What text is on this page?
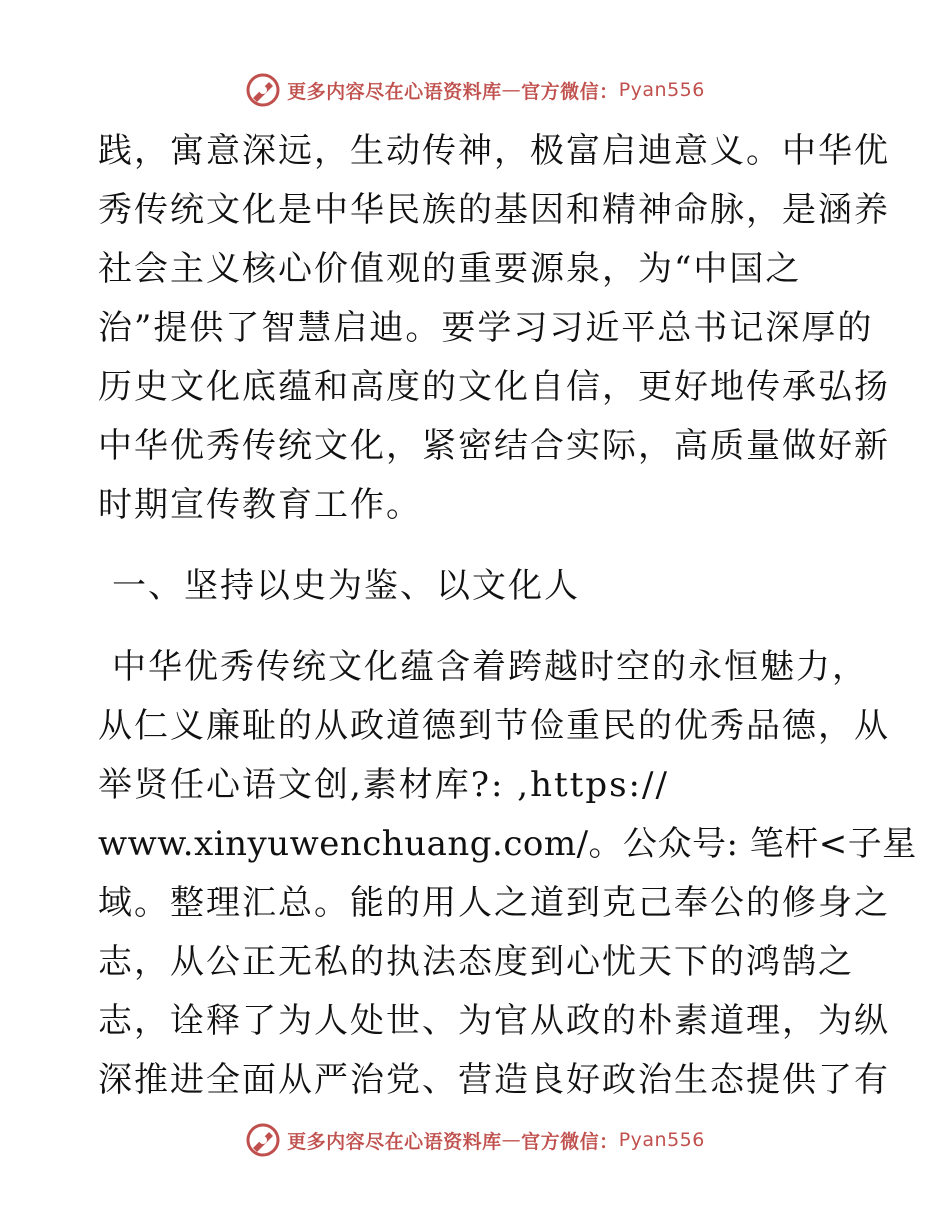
更多内容尽在心语资料库 — 官方微信： Pyan556
践，寓意深远，生动传神，极富启迪意义。中华优
秀传统文化是中华民族的基因和精神命脉，是涵养
社会主义核心价值观的重要源泉，为“中国之
治”提供了智慧启迪。要学习习近平总书记深厚的
历史文化底蕴和高度的文化自信，更好地传承弘扬
中华优秀传统文化，紧密结合实际，高质量做好新
时期宣传教育工作。
一、坚持以史为鉴、以文化人
中华优秀传统文化蕴含着跨越时空的永恒魅力，
从仁义廉耻的从政道德到节俭重民的优秀品德，从
举贤任心语文创,素材库?: ,https://
www.xinyuwenchuang.com/。公众号: 笔杆<子星
域。整理汇总。能的用人之道到克己奉公的修身之
志，从公正无私的执法态度到心忧天下的鸿鹄之
志，诠释了为人处世、为官从政的朴素道理，为纵
深推进全面从严治党、营造良好政治生态提供了有
更多内容尽在心语资料库 — 官方微信： Pyan556
